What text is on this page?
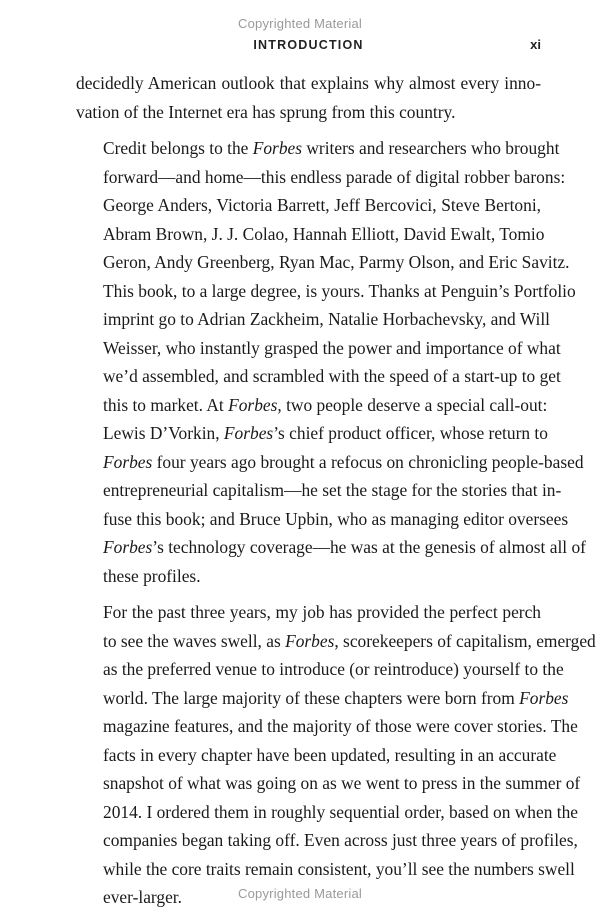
Copyrighted Material
INTRODUCTION	xi

decidedly American outlook that explains why almost every inno-
vation of the Internet era has sprung from this country.

Credit belongs to the Forbes writers and researchers who brought
forward—and home—this endless parade of digital robber barons:
George Anders, Victoria Barrett, Jeff Bercovici, Steve Bertoni,
Abram Brown, J. J. Colao, Hannah Elliott, David Ewalt, Tomio
Geron, Andy Greenberg, Ryan Mac, Parmy Olson, and Eric Savitz.
This book, to a large degree, is yours. Thanks at Penguin’s Portfolio
imprint go to Adrian Zackheim, Natalie Horbachevsky, and Will
Weisser, who instantly grasped the power and importance of what
we’d assembled, and scrambled with the speed of a start-up to get
this to market. At Forbes, two people deserve a special call-out:
Lewis D’Vorkin, Forbes’s chief product officer, whose return to
Forbes four years ago brought a refocus on chronicling people-based
entrepreneurial capitalism—he set the stage for the stories that in-
fuse this book; and Bruce Upbin, who as managing editor oversees
Forbes’s technology coverage—he was at the genesis of almost all of
these profiles.

For the past three years, my job has provided the perfect perch
to see the waves swell, as Forbes, scorekeepers of capitalism, emerged
as the preferred venue to introduce (or reintroduce) yourself to the
world. The large majority of these chapters were born from Forbes
magazine features, and the majority of those were cover stories. The
facts in every chapter have been updated, resulting in an accurate
snapshot of what was going on as we went to press in the summer of
2014. I ordered them in roughly sequential order, based on when the
companies began taking off. Even across just three years of profiles,
while the core traits remain consistent, you’ll see the numbers swell
ever-larger.	Copyrighted Material
